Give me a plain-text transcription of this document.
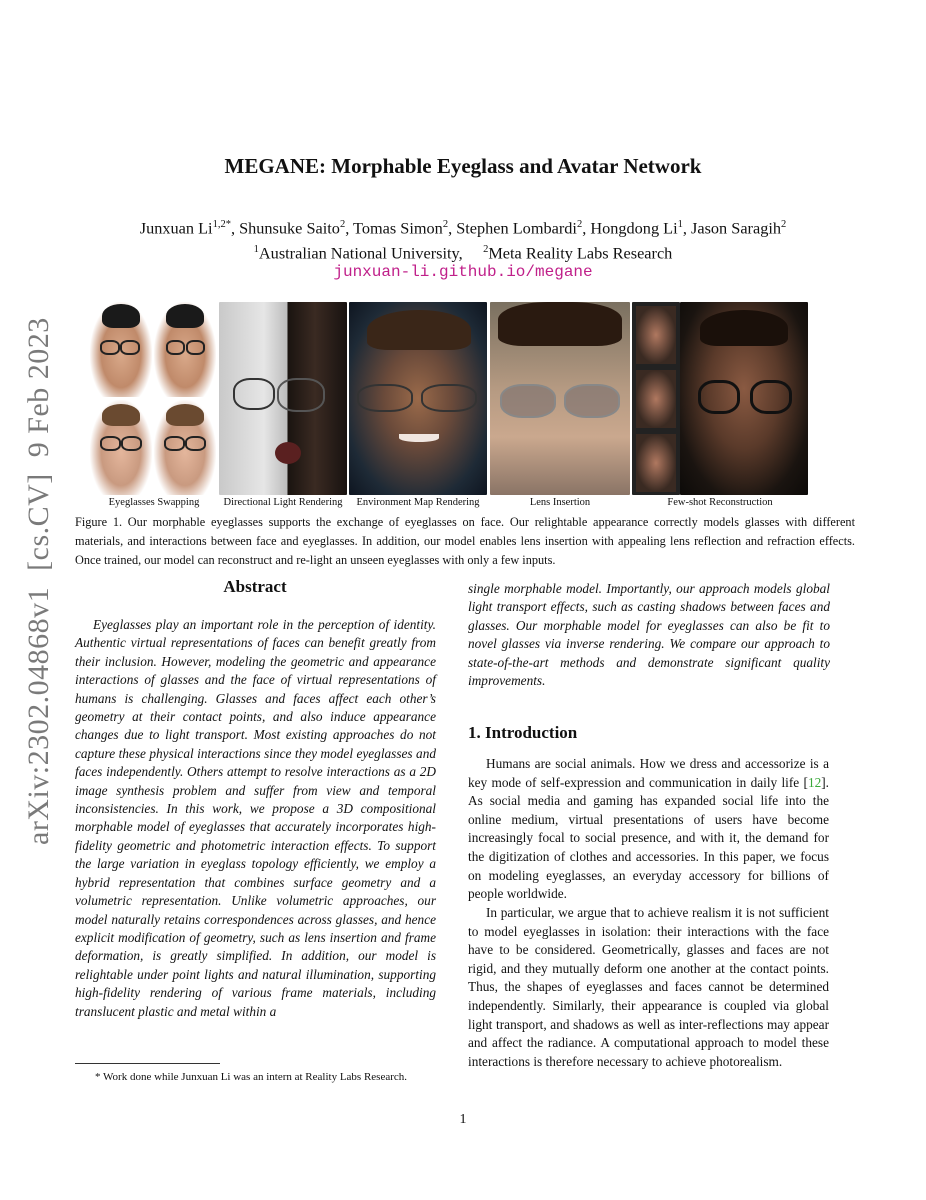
arXiv:2302.04868v1  [cs.CV]  9 Feb 2023
MEGANE: Morphable Eyeglass and Avatar Network
Junxuan $Li^{1,2*}$, Shunsuke Saito$^2$, Tomas Simon$^2$, Stephen Lombardi$^2$, Hongdong Li$^1$, Jason Saragih$^2$
$^1$Australian National University, $^2$Meta Reality Labs Research
junxuan-li.github.io/megane
Eyeglasses Swapping	Directional Light Rendering	Environment Map Rendering	Lens Insertion	Few-shot Reconstruction
Figure 1. Our morphable eyeglasses supports the exchange of eyeglasses on face. Our relightable appearance correctly models glasses with different materials, and interactions between face and eyeglasses. In addition, our model enables lens insertion with appealing lens reflection and refraction effects. Once trained, our model can reconstruct and re-light an unseen eyeglasses with only a few inputs.
Abstract
Eyeglasses play an important role in the perception of identity. Authentic virtual representations of faces can benefit greatly from their inclusion. However, modeling the geometric and appearance interactions of glasses and the face of virtual representations of humans is challenging. Glasses and faces affect each other’s geometry at their contact points, and also induce appearance changes due to light transport. Most existing approaches do not capture these physical interactions since they model eyeglasses and faces independently. Others attempt to resolve interactions as a 2D image synthesis problem and suffer from view and temporal inconsistencies. In this work, we propose a 3D compositional morphable model of eyeglasses that accurately incorporates high-fidelity geometric and photometric interaction effects. To support the large variation in eyeglass topology efficiently, we employ a hybrid representation that combines surface geometry and a volumetric representation. Unlike volumetric approaches, our model naturally retains correspondences across glasses, and hence explicit modification of geometry, such as lens insertion and frame deformation, is greatly simplified. In addition, our model is relightable under point lights and natural illumination, supporting high-fidelity rendering of various frame materials, including translucent plastic and metal within a
single morphable model. Importantly, our approach models global light transport effects, such as casting shadows between faces and glasses. Our morphable model for eyeglasses can also be fit to novel glasses via inverse rendering. We compare our approach to state-of-the-art methods and demonstrate significant quality improvements.
1. Introduction
Humans are social animals. How we dress and accessorize is a key mode of self-expression and communication in daily life [12]. As social media and gaming has expanded social life into the online medium, virtual presentations of users have become increasingly focal to social presence, and with it, the demand for the digitization of clothes and accessories. In this paper, we focus on modeling eyeglasses, an everyday accessory for billions of people worldwide.
In particular, we argue that to achieve realism it is not sufficient to model eyeglasses in isolation: their interactions with the face have to be considered. Geometrically, glasses and faces are not rigid, and they mutually deform one another at the contact points. Thus, the shapes of eyeglasses and faces cannot be determined independently. Similarly, their appearance is coupled via global light transport, and shadows as well as inter-reflections may appear and affect the radiance. A computational approach to model these interactions is therefore necessary to achieve photorealism.
* Work done while Junxuan Li was an intern at Reality Labs Research.
1
